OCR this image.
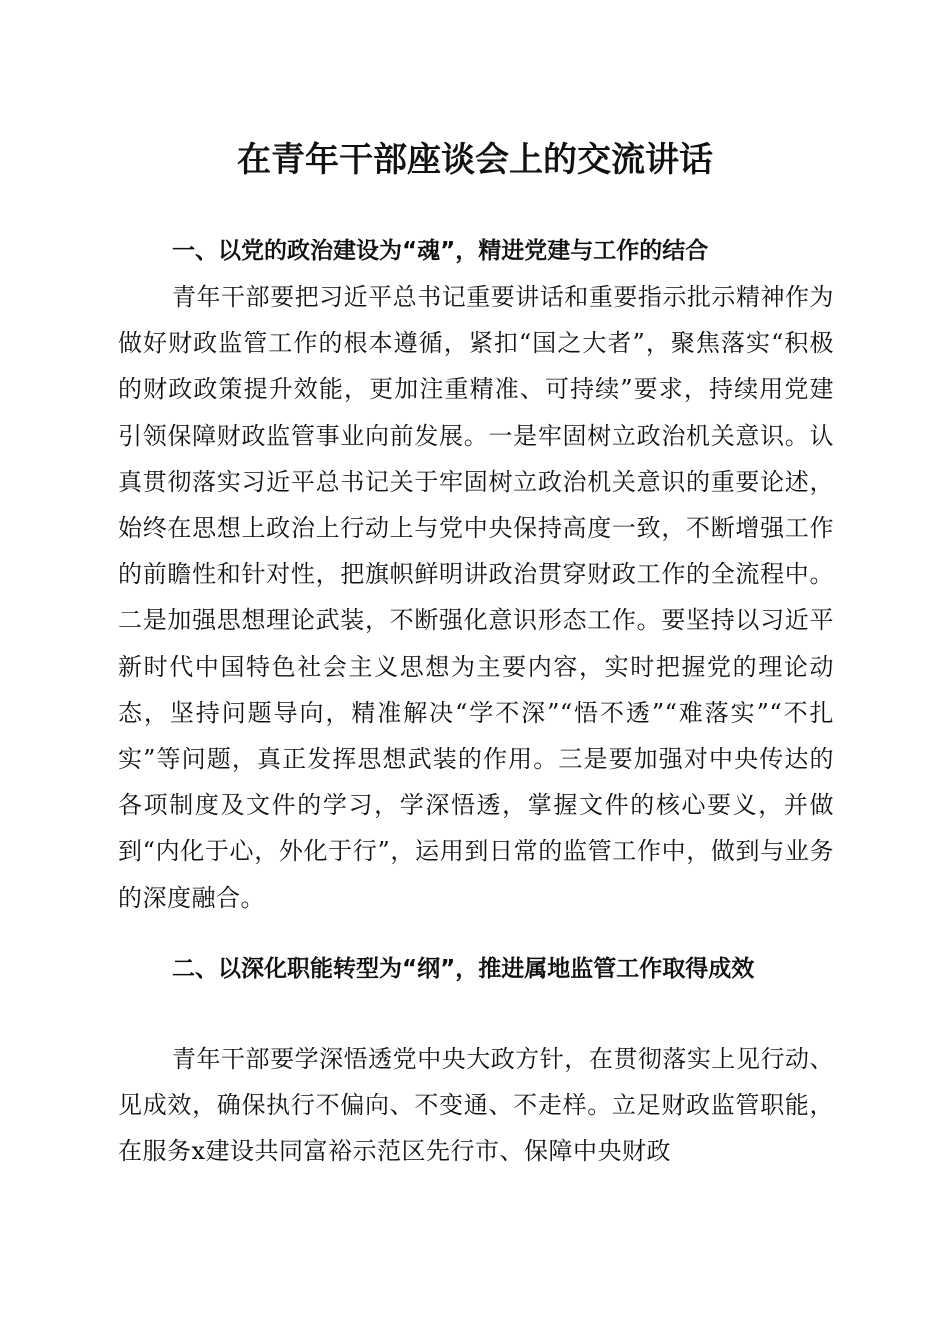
在青年干部座谈会上的交流讲话
一、以党的政治建设为“魂”，精进党建与工作的结合

青年干部要把习近平总书记重要讲话和重要指示批示精神作为做好财政监管工作的根本遵循，紧扣“国之大者”，聚焦落实“积极的财政政策提升效能，更加注重精准、可持续”要求，持续用党建引领保障财政监管事业向前发展。一是牢固树立政治机关意识。认真贯彻落实习近平总书记关于牢固树立政治机关意识的重要论述，始终在思想上政治上行动上与党中央保持高度一致，不断增强工作的前瞻性和针对性，把旗帜鲜明讲政治贯穿财政工作的全流程中。二是加强思想理论武装，不断强化意识形态工作。要坚持以习近平新时代中国特色社会主义思想为主要内容，实时把握党的理论动态，坚持问题导向，精准解决“学不深”“悟不透”“难落实”“不扎实”等问题，真正发挥思想武装的作用。三是要加强对中央传达的各项制度及文件的学习，学深悟透，掌握文件的核心要义，并做到“内化于心，外化于行”，运用到日常的监管工作中，做到与业务的深度融合。

二、以深化职能转型为“纲”，推进属地监管工作取得成效

青年干部要学深悟透党中央大政方针，在贯彻落实上见行动、见成效，确保执行不偏向、不变通、不走样。立足财政监管职能，在服务x建设共同富裕示范区先行市、保障中央财政
